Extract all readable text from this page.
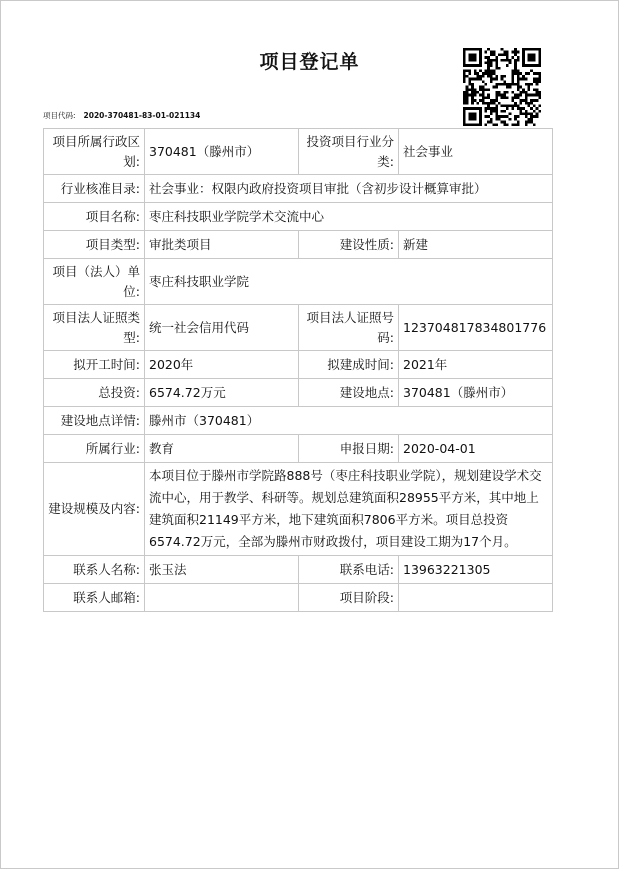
项目登记单
项目代码: 2020-370481-83-01-021134
项目所属行政区划:	370481（滕州市）	投资项目行业分类:	社会事业
行业核准目录:	社会事业：权限内政府投资项目审批（含初步设计概算审批）		
项目名称:	枣庄科技职业学院学术交流中心		
项目类型:	审批类项目	建设性质:	新建
项目（法人）单位:	枣庄科技职业学院		
项目法人证照类型:	统一社会信用代码	项目法人证照号码:	123704817834801776
拟开工时间:	2020年	拟建成时间:	2021年
总投资:	6574.72万元	建设地点:	370481（滕州市）
建设地点详情:	滕州市（370481）		
所属行业:	教育	申报日期:	2020-04-01
建设规模及内容:	本项目位于滕州市学院路888号（枣庄科技职业学院），规划建设学术交流中心，用于教学、科研等。规划总建筑面积28955平方米，其中地上建筑面积21149平方米，地下建筑面积7806平方米。项目总投资6574.72万元，全部为滕州市财政拨付，项目建设工期为17个月。		
联系人名称:	张玉法	联系电话:	13963221305
联系人邮箱:		项目阶段:	
